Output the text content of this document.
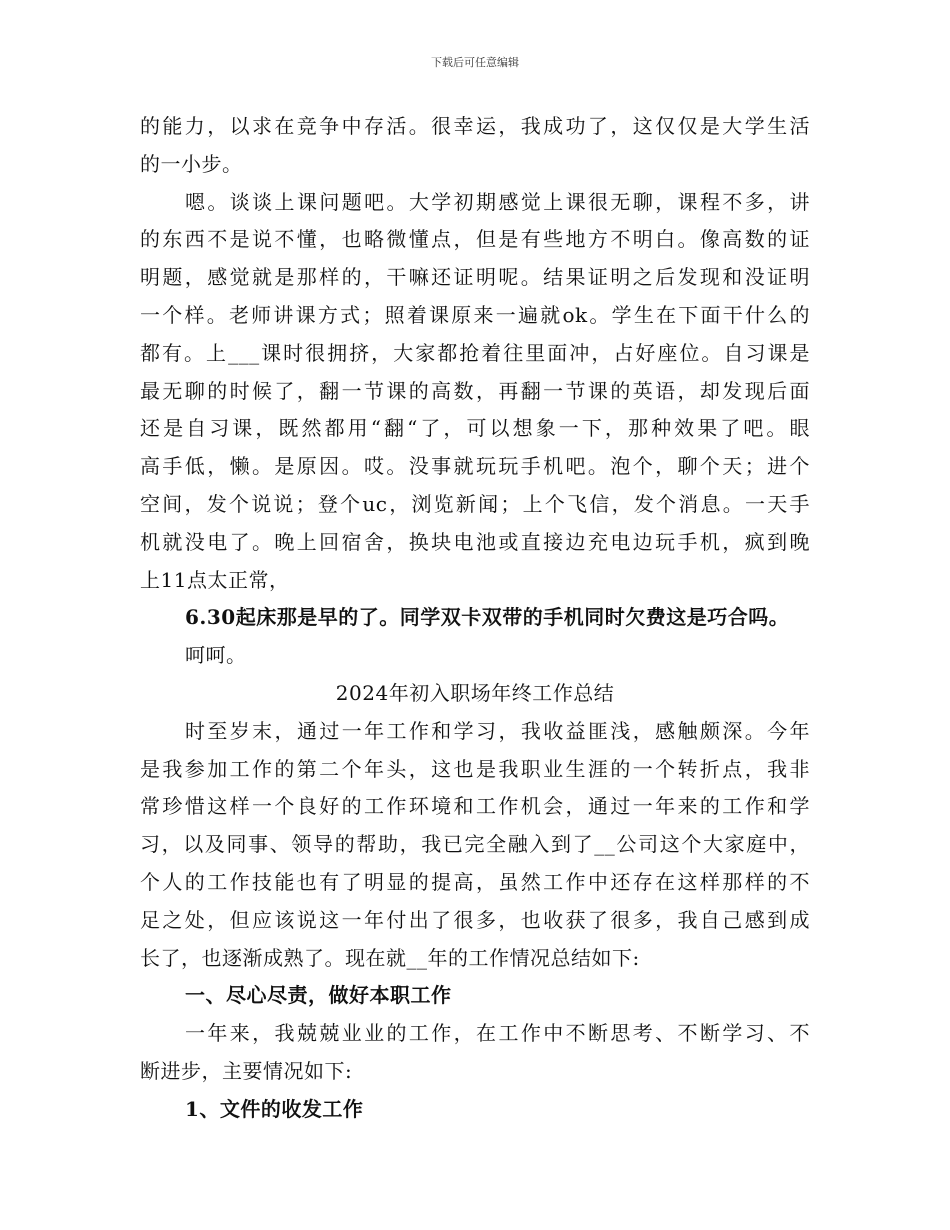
下载后可任意编辑
的能力，以求在竞争中存活。很幸运，我成功了，这仅仅是大学生活
的一小步。
嗯。谈谈上课问题吧。大学初期感觉上课很无聊，课程不多，讲
的东西不是说不懂，也略微懂点，但是有些地方不明白。像高数的证
明题，感觉就是那样的，干嘛还证明呢。结果证明之后发现和没证明
一个样。老师讲课方式；照着课原来一遍就ok。学生在下面干什么的
都有。上___课时很拥挤，大家都抢着往里面冲，占好座位。自习课是
最无聊的时候了，翻一节课的高数，再翻一节课的英语，却发现后面
还是自习课，既然都用“翻“了，可以想象一下，那种效果了吧。眼
高手低，懒。是原因。哎。没事就玩玩手机吧。泡个，聊个天；进个
空间，发个说说；登个uc，浏览新闻；上个飞信，发个消息。一天手
机就没电了。晚上回宿舍，换块电池或直接边充电边玩手机，疯到晚
上11点太正常，
6.30起床那是早的了。同学双卡双带的手机同时欠费这是巧合吗。
呵呵。
2024年初入职场年终工作总结
时至岁末，通过一年工作和学习，我收益匪浅，感触颇深。今年
是我参加工作的第二个年头，这也是我职业生涯的一个转折点，我非
常珍惜这样一个良好的工作环境和工作机会，通过一年来的工作和学
习，以及同事、领导的帮助，我已完全融入到了__公司这个大家庭中，
个人的工作技能也有了明显的提高，虽然工作中还存在这样那样的不
足之处，但应该说这一年付出了很多，也收获了很多，我自己感到成
长了，也逐渐成熟了。现在就__年的工作情况总结如下:
一、尽心尽责，做好本职工作
一年来，我兢兢业业的工作，在工作中不断思考、不断学习、不
断进步，主要情况如下:
1、文件的收发工作
